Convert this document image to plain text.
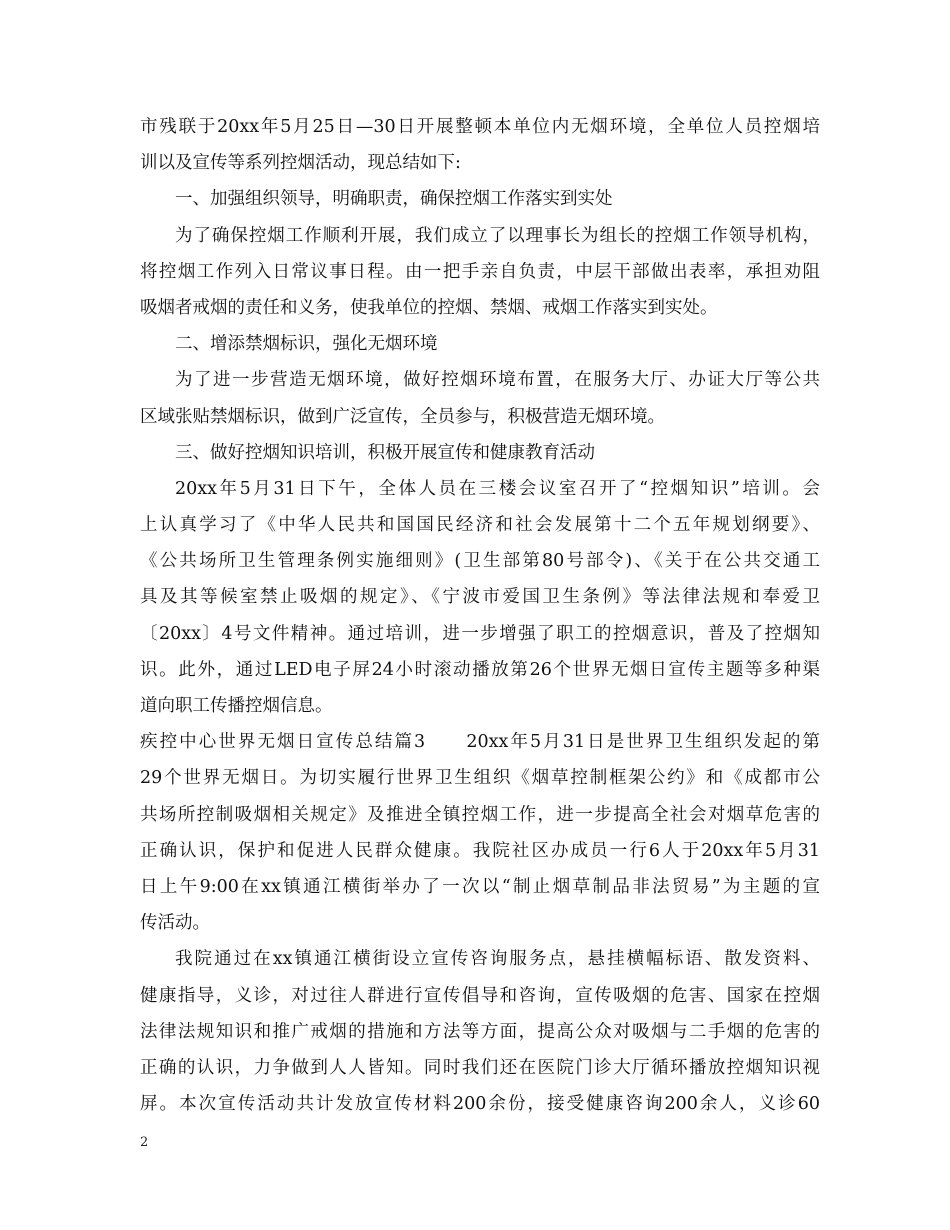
市残联于20xx年5月25日—30日开展整顿本单位内无烟环境，全单位人员控烟培
训以及宣传等系列控烟活动，现总结如下:
一、加强组织领导，明确职责，确保控烟工作落实到实处
为了确保控烟工作顺利开展，我们成立了以理事长为组长的控烟工作领导机构，
将控烟工作列入日常议事日程。由一把手亲自负责，中层干部做出表率，承担劝阻
吸烟者戒烟的责任和义务，使我单位的控烟、禁烟、戒烟工作落实到实处。
二、增添禁烟标识，强化无烟环境
为了进一步营造无烟环境，做好控烟环境布置，在服务大厅、办证大厅等公共
区域张贴禁烟标识，做到广泛宣传，全员参与，积极营造无烟环境。
三、做好控烟知识培训，积极开展宣传和健康教育活动
20xx年5月31日下午，全体人员在三楼会议室召开了“控烟知识”培训。会
上认真学习了《中华人民共和国国民经济和社会发展第十二个五年规划纲要》、
《公共场所卫生管理条例实施细则》(卫生部第80号部令)、《关于在公共交通工
具及其等候室禁止吸烟的规定》、《宁波市爱国卫生条例》等法律法规和奉爱卫
〔20xx〕4号文件精神。通过培训，进一步增强了职工的控烟意识，普及了控烟知
识。此外，通过LED电子屏24小时滚动播放第26个世界无烟日宣传主题等多种渠
道向职工传播控烟信息。
疾控中心世界无烟日宣传总结篇3　　20xx年5月31日是世界卫生组织发起的第
29个世界无烟日。为切实履行世界卫生组织《烟草控制框架公约》和《成都市公
共场所控制吸烟相关规定》及推进全镇控烟工作，进一步提高全社会对烟草危害的
正确认识，保护和促进人民群众健康。我院社区办成员一行6人于20xx年5月31
日上午9:00在xx镇通江横街举办了一次以“制止烟草制品非法贸易”为主题的宣
传活动。
我院通过在xx镇通江横街设立宣传咨询服务点，悬挂横幅标语、散发资料、
健康指导，义诊，对过往人群进行宣传倡导和咨询，宣传吸烟的危害、国家在控烟
法律法规知识和推广戒烟的措施和方法等方面，提高公众对吸烟与二手烟的危害的
正确的认识，力争做到人人皆知。同时我们还在医院门诊大厅循环播放控烟知识视
屏。本次宣传活动共计发放宣传材料200余份，接受健康咨询200余人，义诊60
2
